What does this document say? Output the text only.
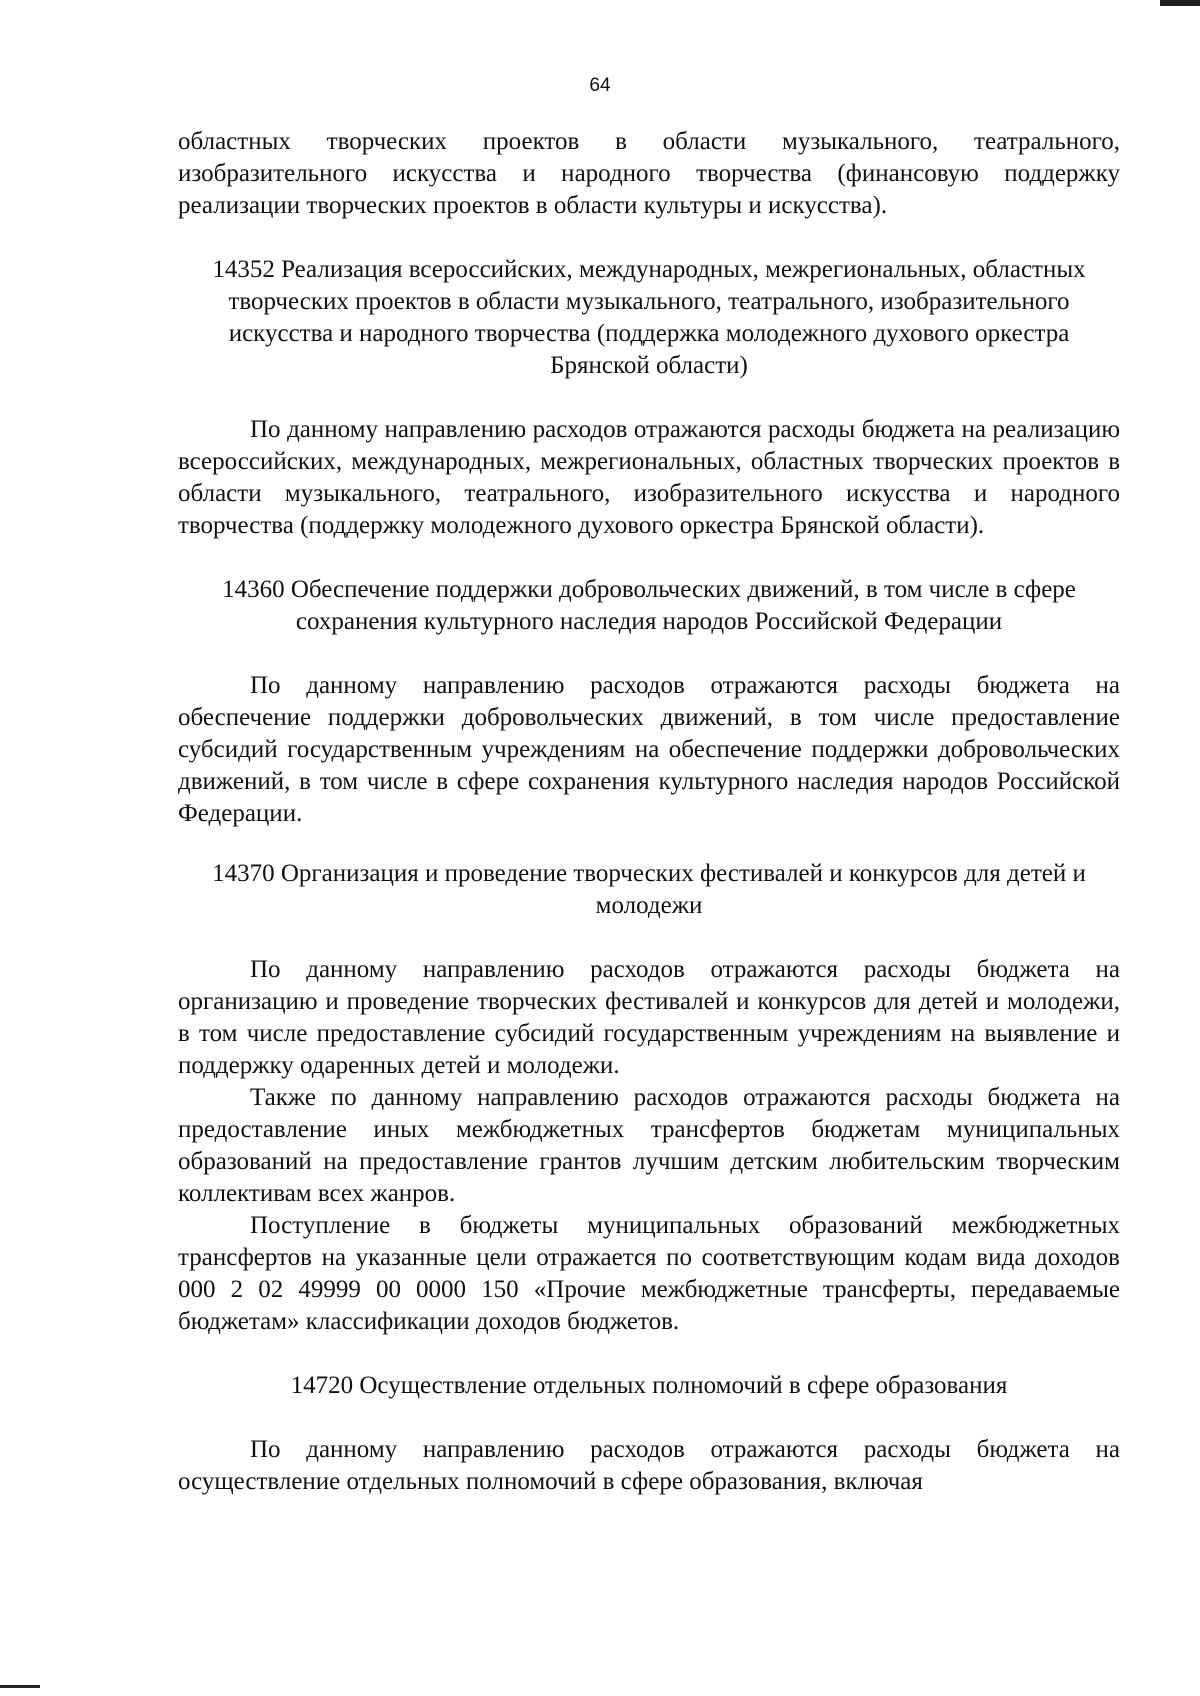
64

областных творческих проектов в области музыкального, театрального, изобразительного искусства и народного творчества (финансовую поддержку реализации творческих проектов в области культуры и искусства).

14352 Реализация всероссийских, международных, межрегиональных, областных творческих проектов в области музыкального, театрального, изобразительного искусства и народного творчества (поддержка молодежного духового оркестра Брянской области)

По данному направлению расходов отражаются расходы бюджета на реализацию всероссийских, международных, межрегиональных, областных творческих проектов в области музыкального, театрального, изобразительного искусства и народного творчества (поддержку молодежного духового оркестра Брянской области).

14360 Обеспечение поддержки добровольческих движений, в том числе в сфере сохранения культурного наследия народов Российской Федерации

По данному направлению расходов отражаются расходы бюджета на обеспечение поддержки добровольческих движений, в том числе предоставление субсидий государственным учреждениям на обеспечение поддержки добровольческих движений, в том числе в сфере сохранения культурного наследия народов Российской Федерации.

14370 Организация и проведение творческих фестивалей и конкурсов для детей и молодежи

По данному направлению расходов отражаются расходы бюджета на организацию и проведение творческих фестивалей и конкурсов для детей и молодежи, в том числе предоставление субсидий государственным учреждениям на выявление и поддержку одаренных детей и молодежи.

Также по данному направлению расходов отражаются расходы бюджета на предоставление иных межбюджетных трансфертов бюджетам муниципальных образований на предоставление грантов лучшим детским любительским творческим коллективам всех жанров.

Поступление в бюджеты муниципальных образований межбюджетных трансфертов на указанные цели отражается по соответствующим кодам вида доходов 000 2 02 49999 00 0000 150 «Прочие межбюджетные трансферты, передаваемые бюджетам» классификации доходов бюджетов.

14720 Осуществление отдельных полномочий в сфере образования

По данному направлению расходов отражаются расходы бюджета на осуществление отдельных полномочий в сфере образования, включая
